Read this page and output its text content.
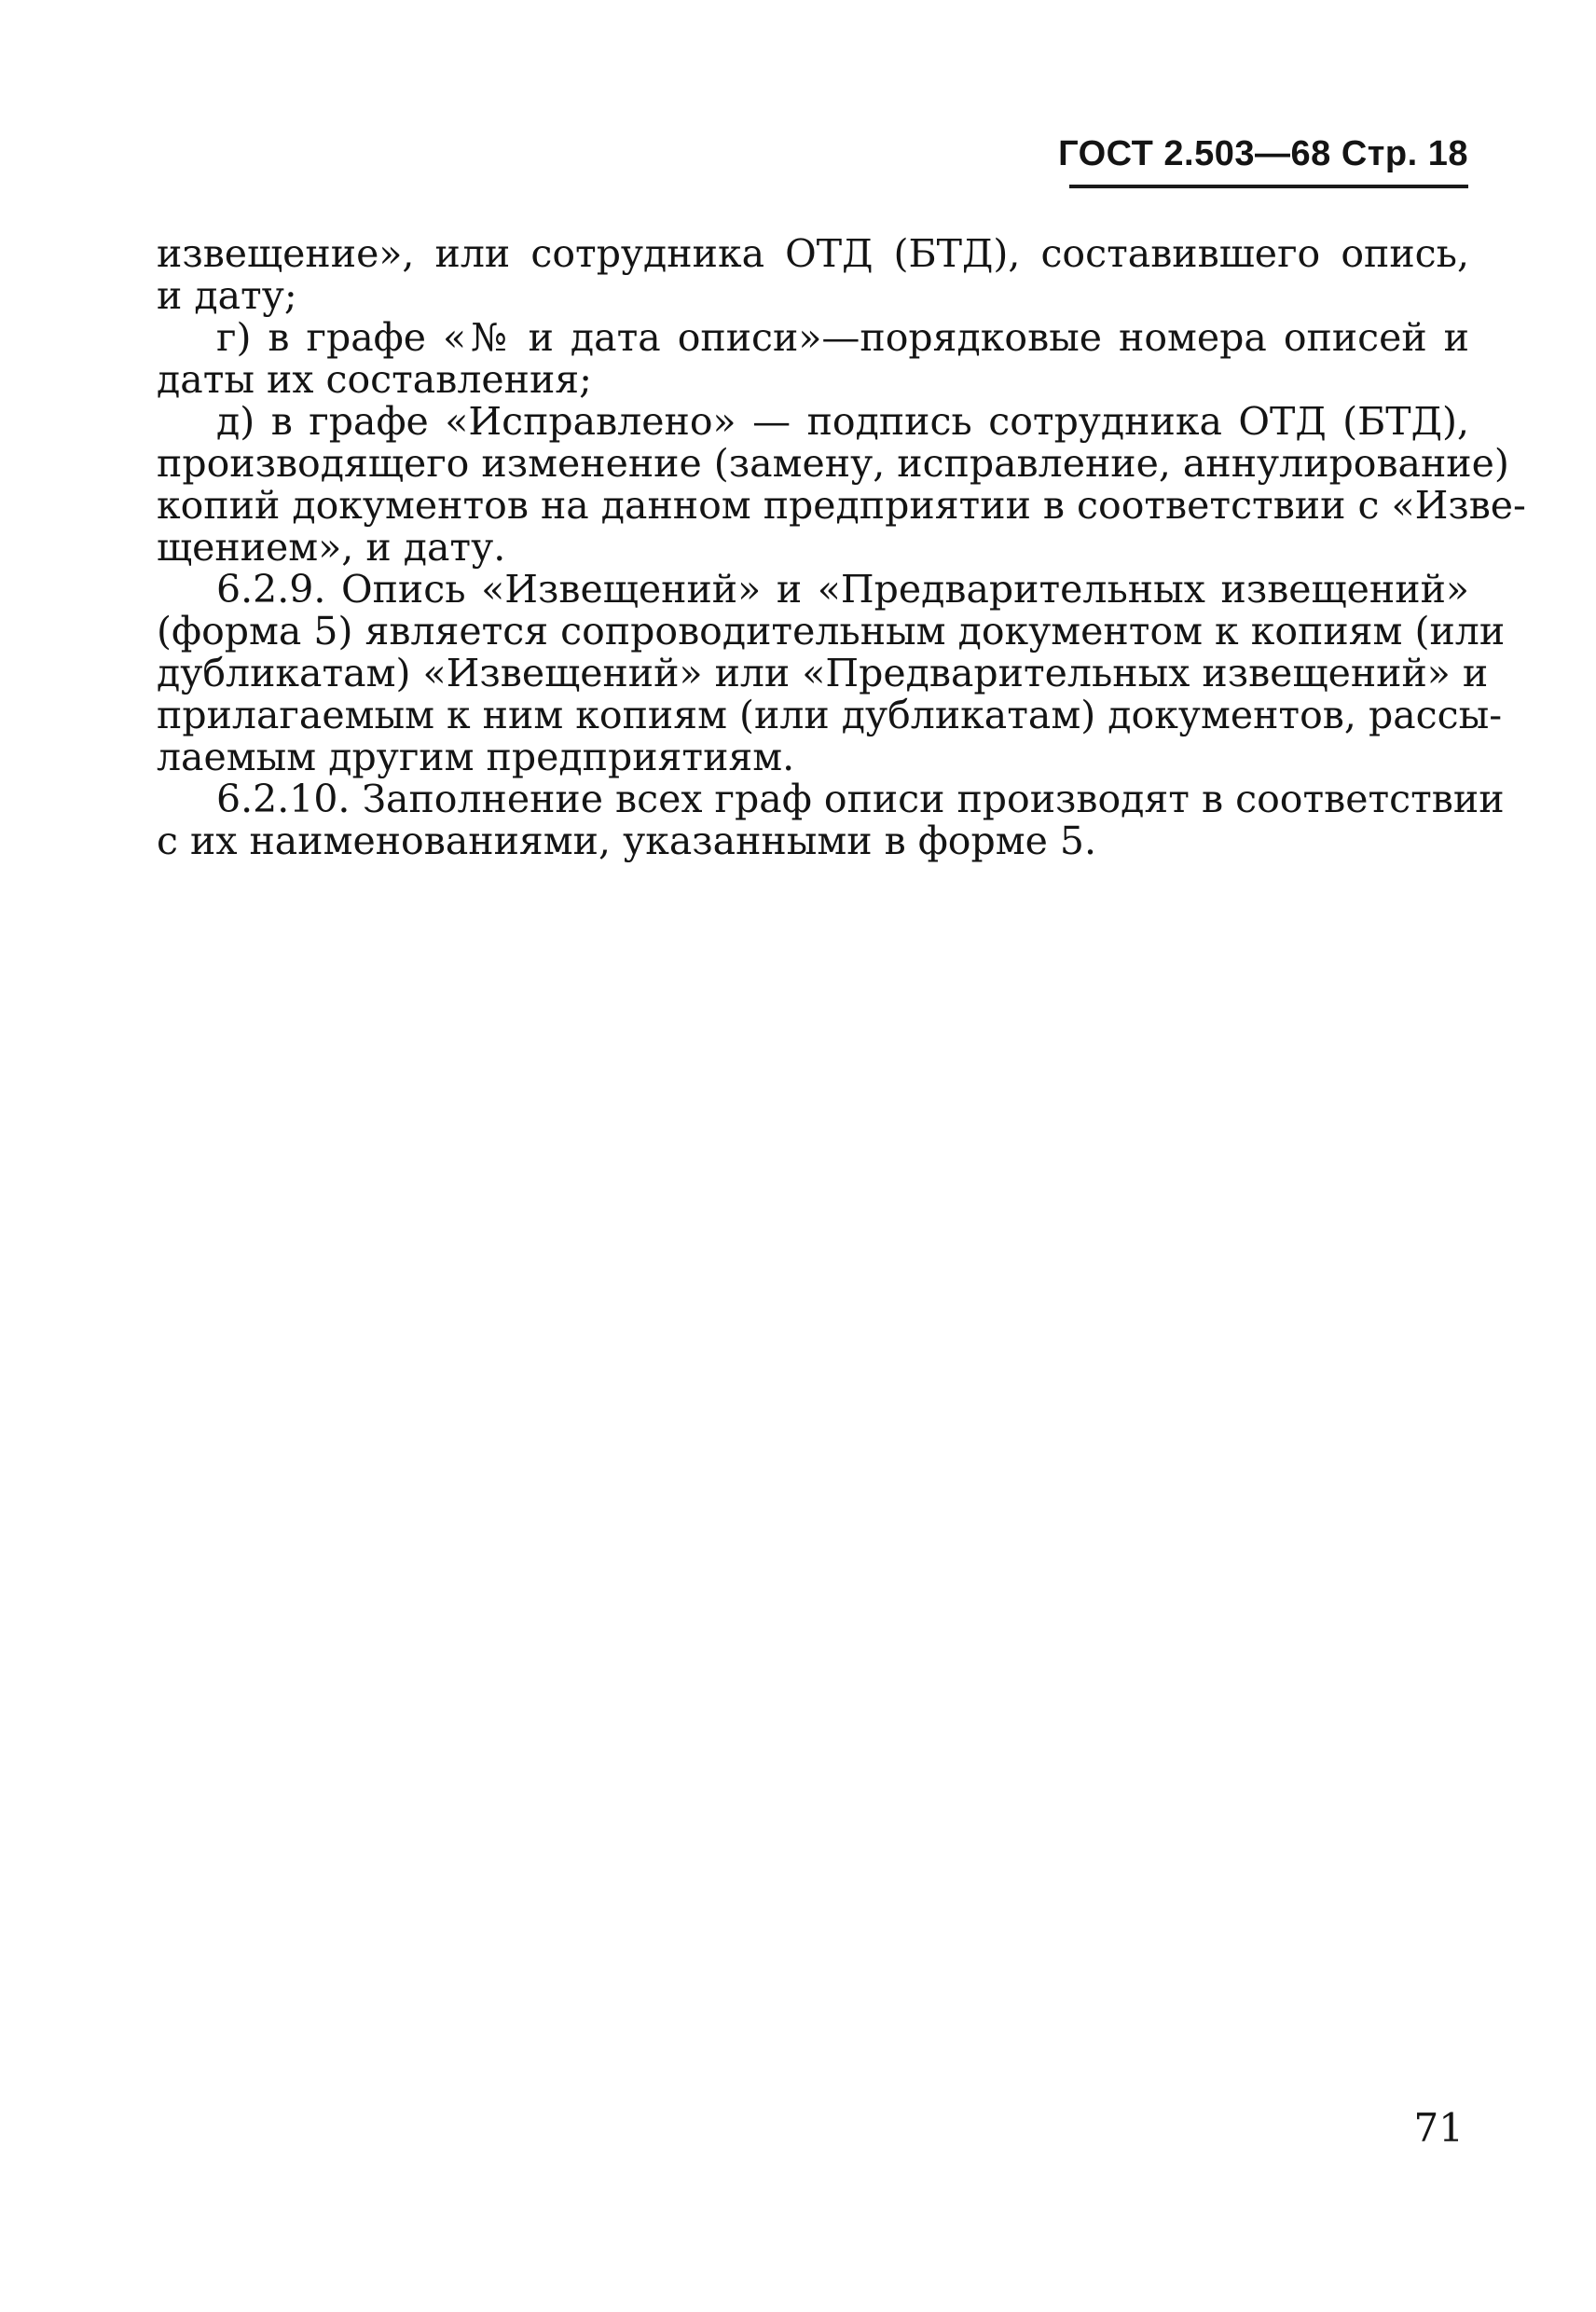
ГОСТ 2.503—68 Стр. 18
извещение», или сотрудника ОТД (БТД), составившего опись,
и дату;
г) в графе «№ и дата описи»—порядковые номера описей и
даты их составления;
д) в графе «Исправлено» — подпись сотрудника ОТД (БТД),
производящего изменение (замену, исправление, аннулирование)
копий документов на данном предприятии в соответствии с «Изве-
щением», и дату.
6.2.9. Опись «Извещений» и «Предварительных извещений»
(форма 5) является сопроводительным документом к копиям (или
дубликатам) «Извещений» или «Предварительных извещений» и
прилагаемым к ним копиям (или дубликатам) документов, рассы-
лаемым другим предприятиям.
6.2.10. Заполнение всех граф описи производят в соответствии
с их наименованиями, указанными в форме 5.
71
